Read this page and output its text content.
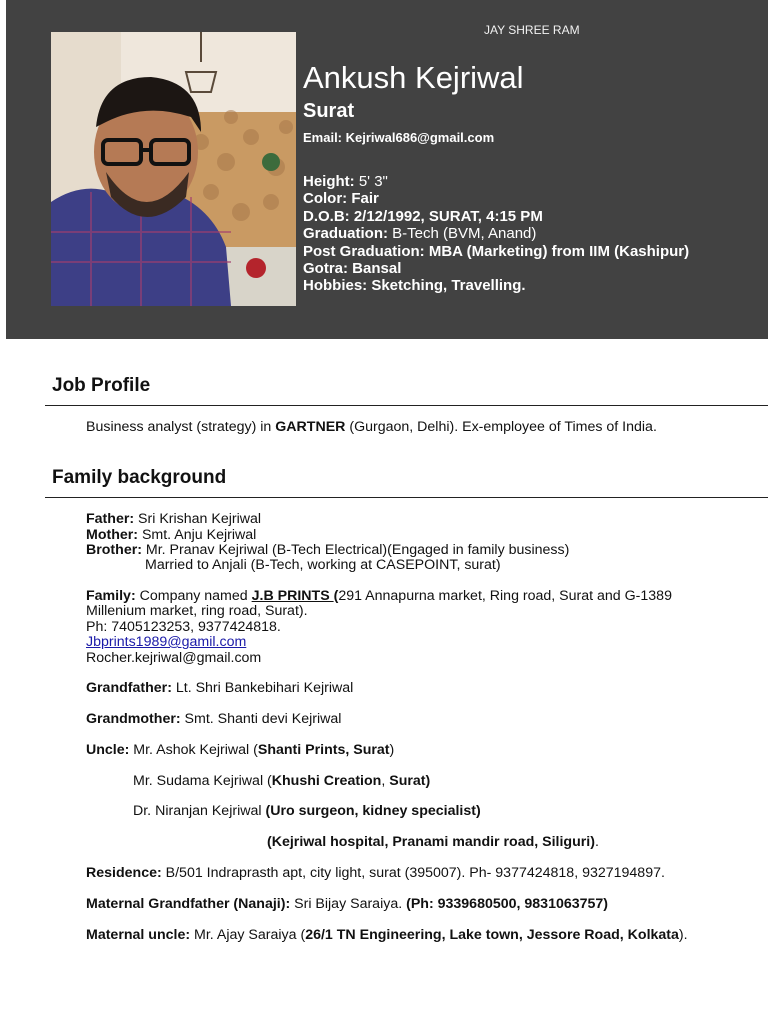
JAY SHREE RAM
Ankush Kejriwal
Surat
Email: Kejriwal686@gmail.com
Height: 5' 3"
Color: Fair
D.O.B: 2/12/1992, SURAT, 4:15 PM
Graduation: B-Tech (BVM, Anand)
Post Graduation: MBA (Marketing) from IIM (Kashipur)
Gotra: Bansal
Hobbies: Sketching, Travelling.
Job Profile
Business analyst (strategy) in GARTNER (Gurgaon, Delhi). Ex-employee of Times of India.
Family background
Father: Sri Krishan Kejriwal
Mother: Smt. Anju Kejriwal
Brother: Mr. Pranav Kejriwal (B-Tech Electrical)(Engaged in family business)
Married to Anjali (B-Tech, working at CASEPOINT, surat)
Family: Company named J.B PRINTS (291 Annapurna market, Ring road, Surat and G-1389
Millenium market, ring road, Surat).
Ph: 7405123253, 9377424818.
Jbprints1989@gamil.com
Rocher.kejriwal@gmail.com
Grandfather: Lt. Shri Bankebihari Kejriwal
Grandmother: Smt. Shanti devi Kejriwal
Uncle: Mr. Ashok Kejriwal (Shanti Prints, Surat)
Mr. Sudama Kejriwal (Khushi Creation, Surat)
Dr. Niranjan Kejriwal (Uro surgeon, kidney specialist)
(Kejriwal hospital, Pranami mandir road, Siliguri).
Residence: B/501 Indraprasth apt, city light, surat (395007). Ph- 9377424818, 9327194897.
Maternal Grandfather (Nanaji): Sri Bijay Saraiya. (Ph: 9339680500, 9831063757)
Maternal uncle: Mr. Ajay Saraiya (26/1 TN Engineering, Lake town, Jessore Road, Kolkata).
